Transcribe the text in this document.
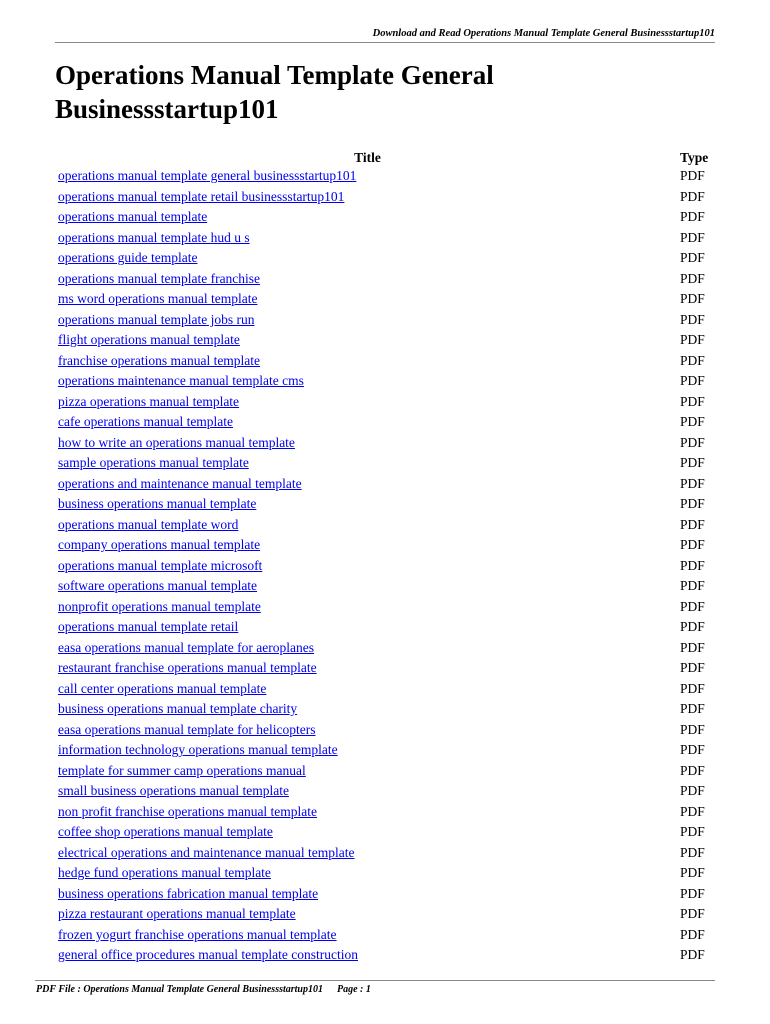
Download and Read Operations Manual Template General Businessstartup101
Operations Manual Template General Businessstartup101
Title	Type
operations manual template general businessstartup101	PDF
operations manual template retail businessstartup101	PDF
operations manual template	PDF
operations manual template hud u s	PDF
operations guide template	PDF
operations manual template franchise	PDF
ms word operations manual template	PDF
operations manual template jobs run	PDF
flight operations manual template	PDF
franchise operations manual template	PDF
operations maintenance manual template cms	PDF
pizza operations manual template	PDF
cafe operations manual template	PDF
how to write an operations manual template	PDF
sample operations manual template	PDF
operations and maintenance manual template	PDF
business operations manual template	PDF
operations manual template word	PDF
company operations manual template	PDF
operations manual template microsoft	PDF
software operations manual template	PDF
nonprofit operations manual template	PDF
operations manual template retail	PDF
easa operations manual template for aeroplanes	PDF
restaurant franchise operations manual template	PDF
call center operations manual template	PDF
business operations manual template charity	PDF
easa operations manual template for helicopters	PDF
information technology operations manual template	PDF
template for summer camp operations manual	PDF
small business operations manual template	PDF
non profit franchise operations manual template	PDF
coffee shop operations manual template	PDF
electrical operations and maintenance manual template	PDF
hedge fund operations manual template	PDF
business operations fabrication manual template	PDF
pizza restaurant operations manual template	PDF
frozen yogurt franchise operations manual template	PDF
general office procedures manual template construction	PDF
PDF File : Operations Manual Template General Businessstartup101 Page : 1
